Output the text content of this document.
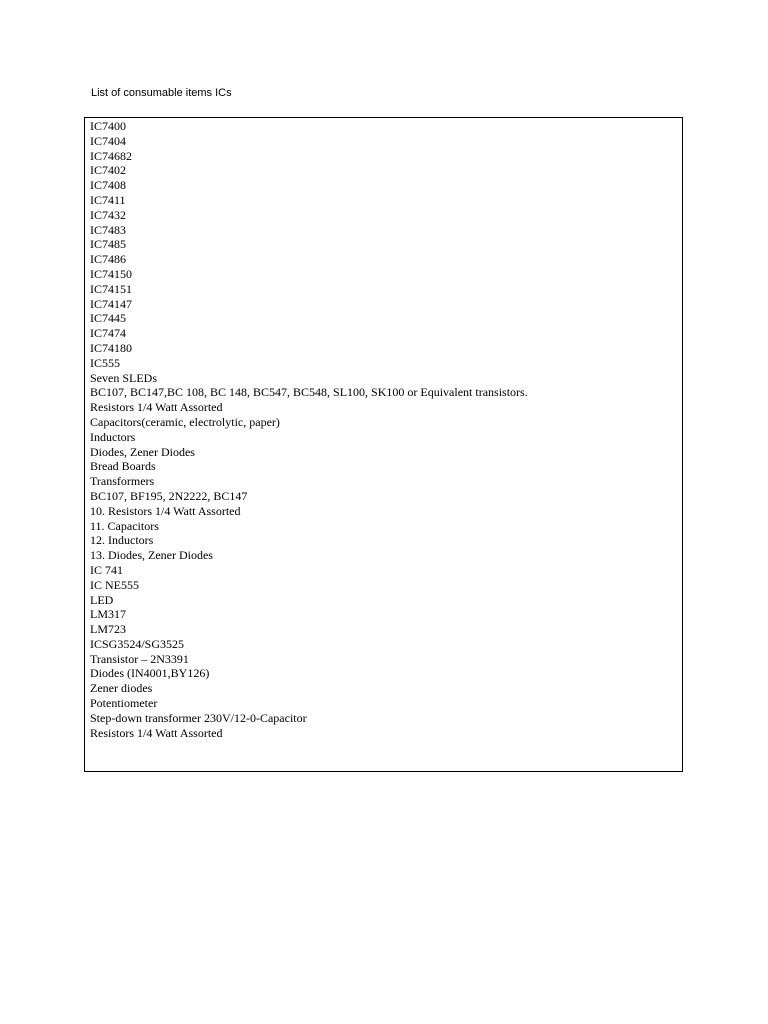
List of consumable items ICs
IC7400
IC7404
IC74682
IC7402
IC7408
IC7411
IC7432
IC7483
IC7485
IC7486
IC74150
IC74151
IC74147
IC7445
IC7474
IC74180
IC555
Seven SLEDs
BC107, BC147,BC 108, BC 148, BC547, BC548, SL100, SK100 or Equivalent transistors.
Resistors 1/4 Watt Assorted
Capacitors(ceramic, electrolytic, paper)
Inductors
Diodes, Zener Diodes
Bread Boards
Transformers
BC107, BF195, 2N2222, BC147
10. Resistors 1/4 Watt Assorted
11. Capacitors
12. Inductors
13. Diodes, Zener Diodes
IC 741
IC NE555
LED
LM317
LM723
ICSG3524/SG3525
Transistor – 2N3391
Diodes (IN4001,BY126)
Zener diodes
Potentiometer
Step-down transformer 230V/12-0-Capacitor
Resistors 1/4 Watt Assorted
